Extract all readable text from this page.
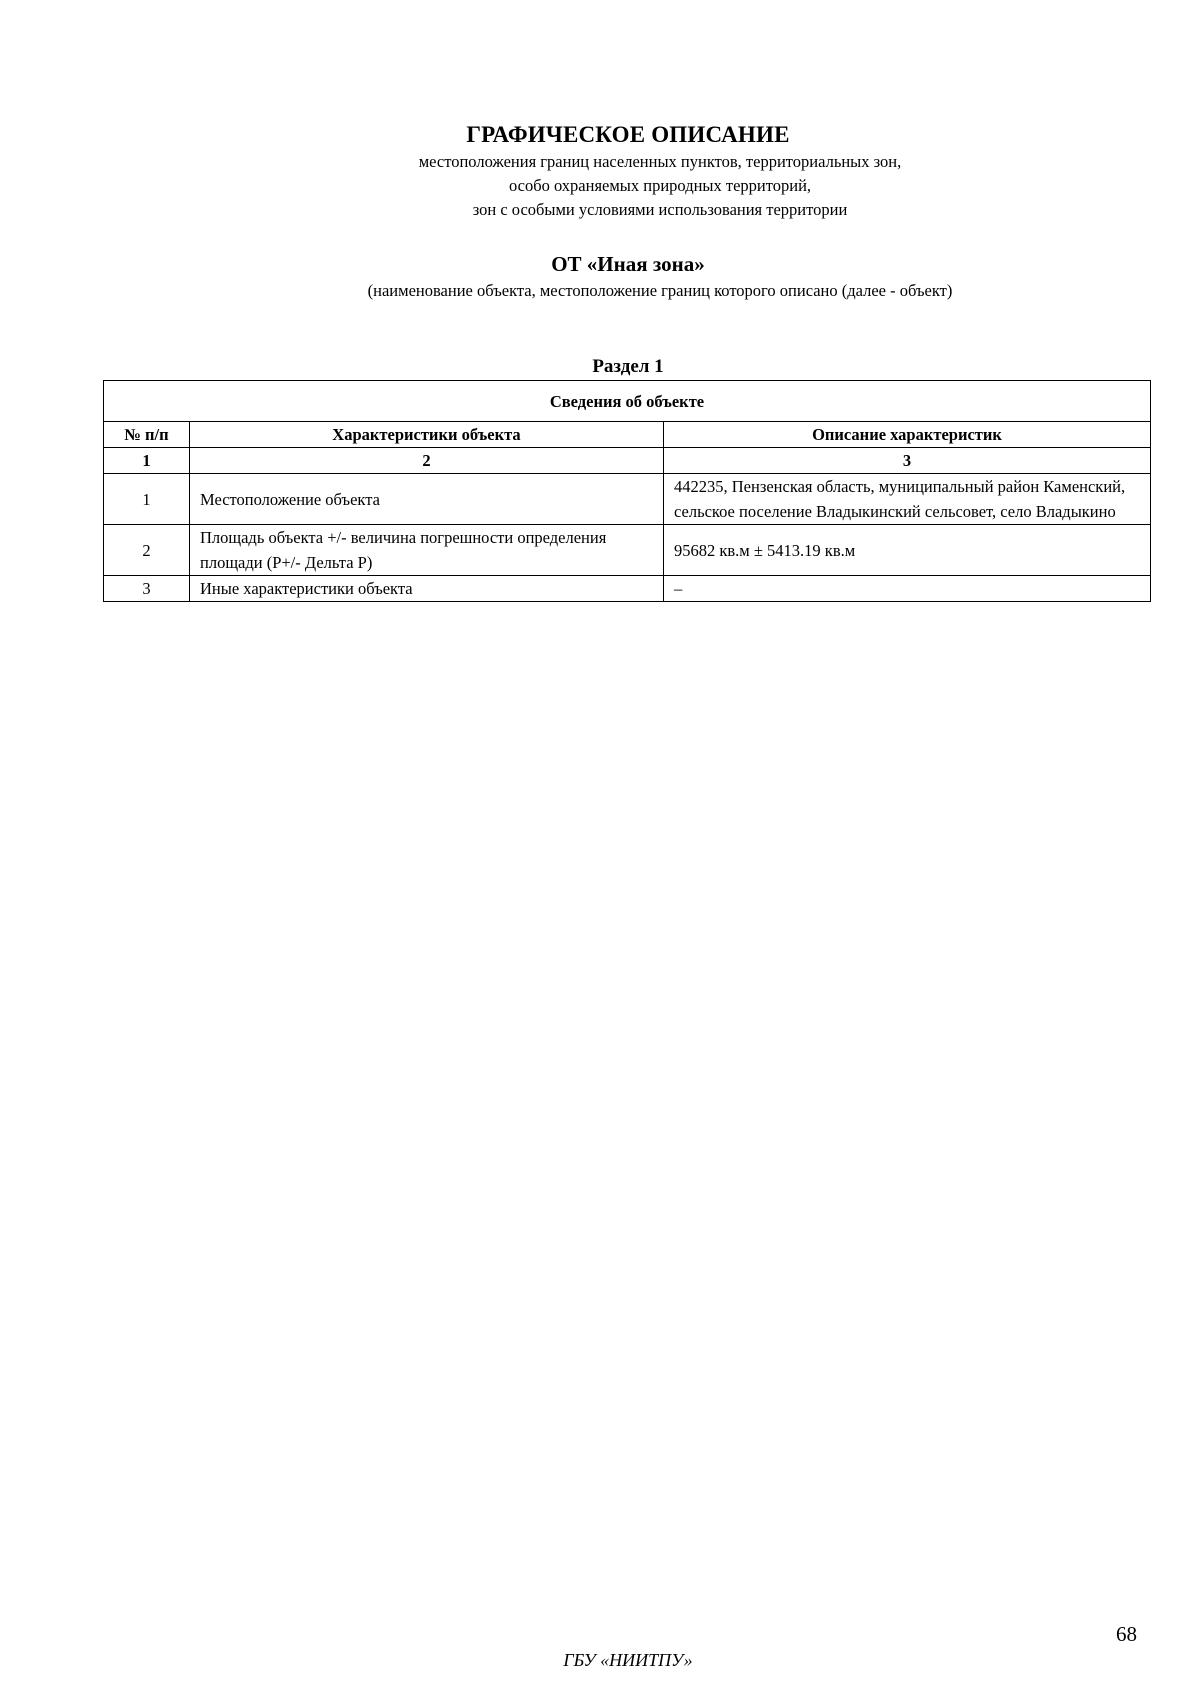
ГРАФИЧЕСКОЕ ОПИСАНИЕ
местоположения границ населенных пунктов, территориальных зон,
особо охраняемых природных территорий,
зон с особыми условиями использования территории
ОТ «Иная зона»
(наименование объекта, местоположение границ которого описано (далее - объект)
Раздел 1
Сведения об объекте		
№ п/п	Характеристики объекта	Описание характеристик
1	2	3
1	Местоположение объекта	442235, Пензенская область, муниципальный район Каменский, сельское поселение Владыкинский сельсовет, село Владыкино
2	Площадь объекта +/- величина погрешности определения площади (Р+/- Дельта Р)	95682 кв.м ± 5413.19 кв.м
3	Иные характеристики объекта	–
68
ГБУ «НИИТПУ»
